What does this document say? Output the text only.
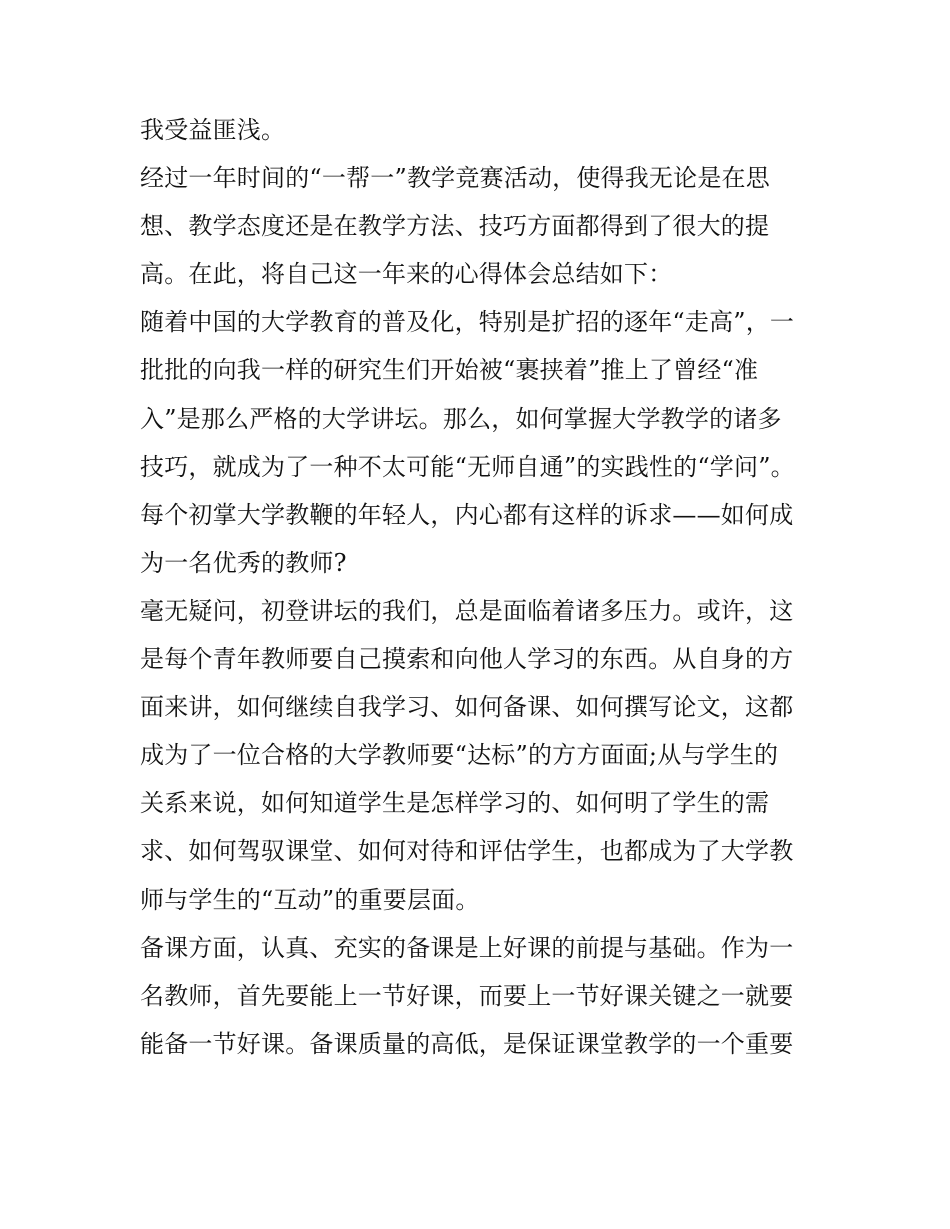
我受益匪浅。
经过一年时间的“一帮一”教学竞赛活动，使得我无论是在思
想、教学态度还是在教学方法、技巧方面都得到了很大的提
高。在此，将自己这一年来的心得体会总结如下：
随着中国的大学教育的普及化，特别是扩招的逐年“走高”，一
批批的向我一样的研究生们开始被“裹挟着”推上了曾经“准
入”是那么严格的大学讲坛。那么，如何掌握大学教学的诸多
技巧，就成为了一种不太可能“无师自通”的实践性的“学问”。
每个初掌大学教鞭的年轻人，内心都有这样的诉求——如何成
为一名优秀的教师?
毫无疑问，初登讲坛的我们，总是面临着诸多压力。或许，这
是每个青年教师要自己摸索和向他人学习的东西。从自身的方
面来讲，如何继续自我学习、如何备课、如何撰写论文，这都
成为了一位合格的大学教师要“达标”的方方面面;从与学生的
关系来说，如何知道学生是怎样学习的、如何明了学生的需
求、如何驾驭课堂、如何对待和评估学生，也都成为了大学教
师与学生的“互动”的重要层面。
备课方面，认真、充实的备课是上好课的前提与基础。作为一
名教师，首先要能上一节好课，而要上一节好课关键之一就要
能备一节好课。备课质量的高低，是保证课堂教学的一个重要
